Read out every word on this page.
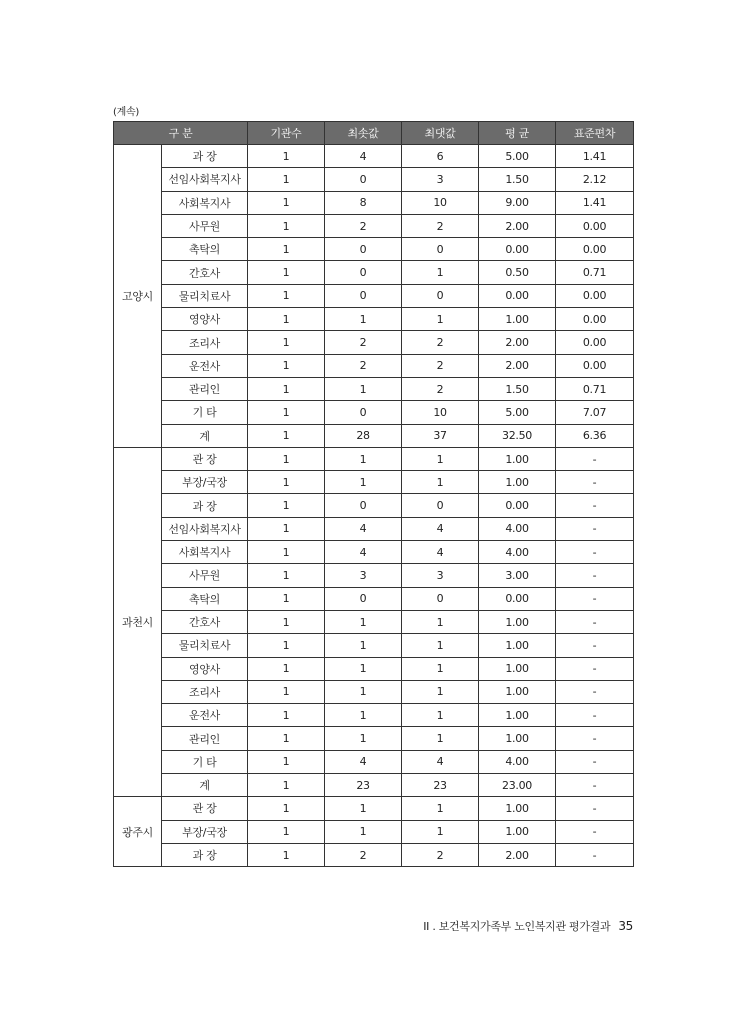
(계속)
구 분		기관수	최솟값	최댓값	평 균	표준편차
고양시	과 장	1	4	6	5.00	1.41
	선임사회복지사	1	0	3	1.50	2.12
	사회복지사	1	8	10	9.00	1.41
	사무원	1	2	2	2.00	0.00
	촉탁의	1	0	0	0.00	0.00
	간호사	1	0	1	0.50	0.71
	물리치료사	1	0	0	0.00	0.00
	영양사	1	1	1	1.00	0.00
	조리사	1	2	2	2.00	0.00
	운전사	1	2	2	2.00	0.00
	관리인	1	1	2	1.50	0.71
	기 타	1	0	10	5.00	7.07
	계	1	28	37	32.50	6.36
과천시	관 장	1	1	1	1.00	-
	부장/국장	1	1	1	1.00	-
	과 장	1	0	0	0.00	-
	선임사회복지사	1	4	4	4.00	-
	사회복지사	1	4	4	4.00	-
	사무원	1	3	3	3.00	-
	촉탁의	1	0	0	0.00	-
	간호사	1	1	1	1.00	-
	물리치료사	1	1	1	1.00	-
	영양사	1	1	1	1.00	-
	조리사	1	1	1	1.00	-
	운전사	1	1	1	1.00	-
	관리인	1	1	1	1.00	-
	기 타	1	4	4	4.00	-
	계	1	23	23	23.00	-
광주시	관 장	1	1	1	1.00	-
	부장/국장	1	1	1	1.00	-
	과 장	1	2	2	2.00	-
II . 보건복지가족부 노인복지관 평가결과 35
